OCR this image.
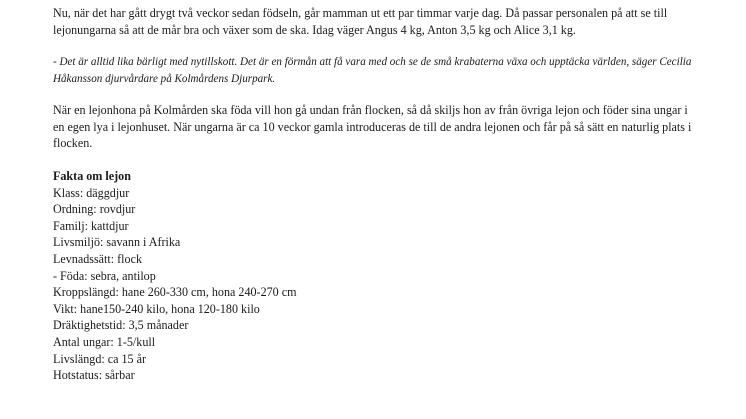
Nu, när det har gått drygt två veckor sedan födseln, går mamman ut ett par timmar varje dag. Då passar personalen på att se till lejonungarna så att de mår bra och växer som de ska. Idag väger Angus 4 kg, Anton 3,5 kg och Alice 3,1 kg.

- Det är alltid lika bärligt med nytillskott. Det är en förmån att få vara med och se de små krabaterna växa och upptäcka världen, säger Cecilia Håkansson djurvårdare på Kolmårdens Djurpark.

När en lejonhona på Kolmården ska föda vill hon gå undan från flocken, så då skiljs hon av från övriga lejon och föder sina ungar i en egen lya i lejonhuset. När ungarna är ca 10 veckor gamla introduceras de till de andra lejonen och får på så sätt en naturlig plats i flocken.

Fakta om lejon
Klass: däggdjur
Ordning: rovdjur
Familj: kattdjur
Livsmiljö: savann i Afrika
Levnadssätt: flock
- Föda: sebra, antilop
Kroppslängd: hane 260-330 cm, hona 240-270 cm
Vikt: hane150-240 kilo, hona 120-180 kilo
Dräktighetstid: 3,5 månader
Antal ungar: 1-5/kull
Livslängd: ca 15 år
Hotstatus: sårbar
